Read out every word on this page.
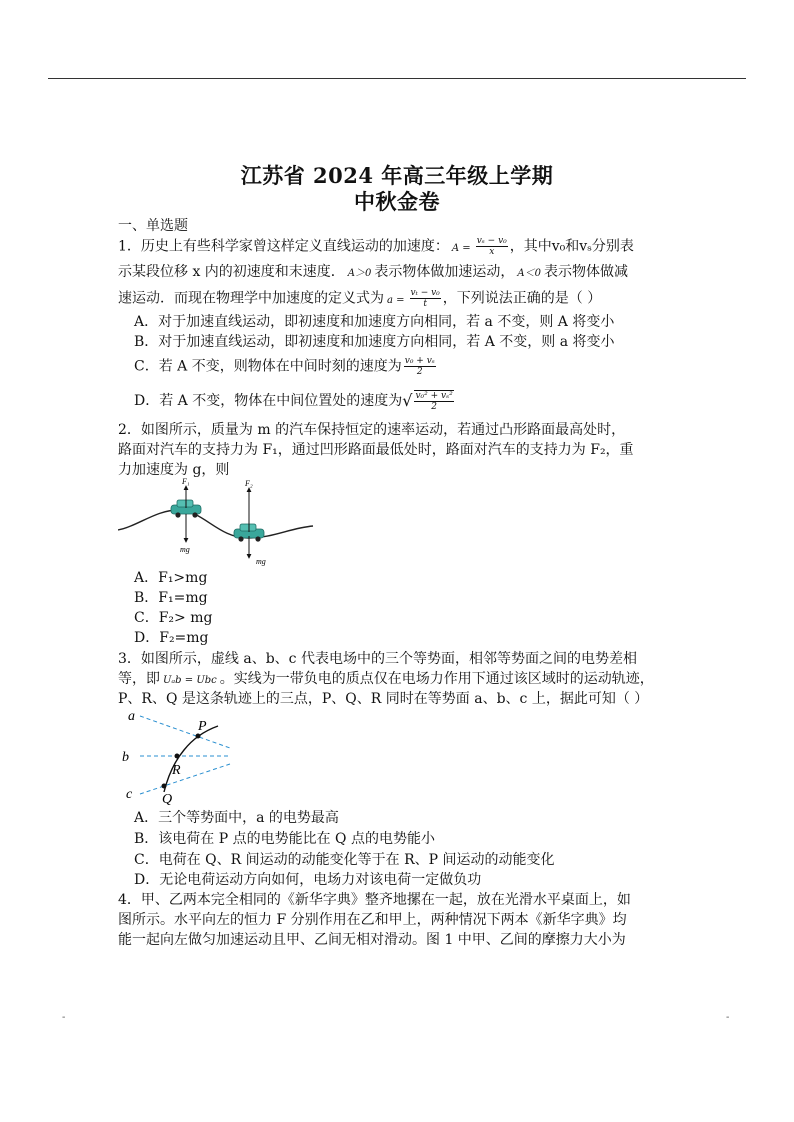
江苏省 2024 年高三年级上学期
中秋金卷
一、单选题
1．历史上有些科学家曾这样定义直线运动的加速度： $A = \frac{\text{vₛ − v₀}}{x}$ ，其中v₀和vₛ分别表
示某段位移 x 内的初速度和末速度． A＞0 表示物体做加速运动， A＜0 表示物体做减
速运动．而现在物理学中加速度的定义式为 $a = \frac{\text{vₜ − v₀}}{t}$ ，下列说法正确的是（ ）
A．对于加速直线运动，即初速度和加速度方向相同，若 a 不变，则 A 将变小
B．对于加速直线运动，即初速度和加速度方向相同，若 A 不变，则 a 将变小
C．若 A 不变，则物体在中间时刻的速度为 $\frac{\text{v₀ + vₛ}}{2}$
D．若 A 不变，物体在中间位置处的速度为√ $\frac{\text{v₀² + vₛ²}}{2}$
2．如图所示，质量为 m 的汽车保持恒定的速率运动，若通过凸形路面最高处时，
路面对汽车的支持力为 F₁，通过凹形路面最低处时，路面对汽车的支持力为 F₂，重
力加速度为 g，则
F₁	F₂
mg
mg
A．F₁>mg
B．F₁=mg
C．F₂> mg
D．F₂=mg
3．如图所示，虚线 a、b、c 代表电场中的三个等势面，相邻等势面之间的电势差相
等，即 Uₐb = Ubc 。实线为一带负电的质点仅在电场力作用下通过该区域时的运动轨迹，
P、R、Q 是这条轨迹上的三点，P、Q、R 同时在等势面 a、b、c 上，据此可知（ ）
a
b
c
P
R
Q
A．三个等势面中，a 的电势最高
B．该电荷在 P 点的电势能比在 Q 点的电势能小
C．电荷在 Q、R 间运动的动能变化等于在 R、P 间运动的动能变化
D．无论电荷运动方向如何，电场力对该电荷一定做负功
4．甲、乙两本完全相同的《新华字典》整齐地摞在一起，放在光滑水平桌面上，如
图所示。水平向左的恒力 F 分别作用在乙和甲上，两种情况下两本《新华字典》均
能一起向左做匀加速运动且甲、乙间无相对滑动。图 1 中甲、乙间的摩擦力大小为
-	-
